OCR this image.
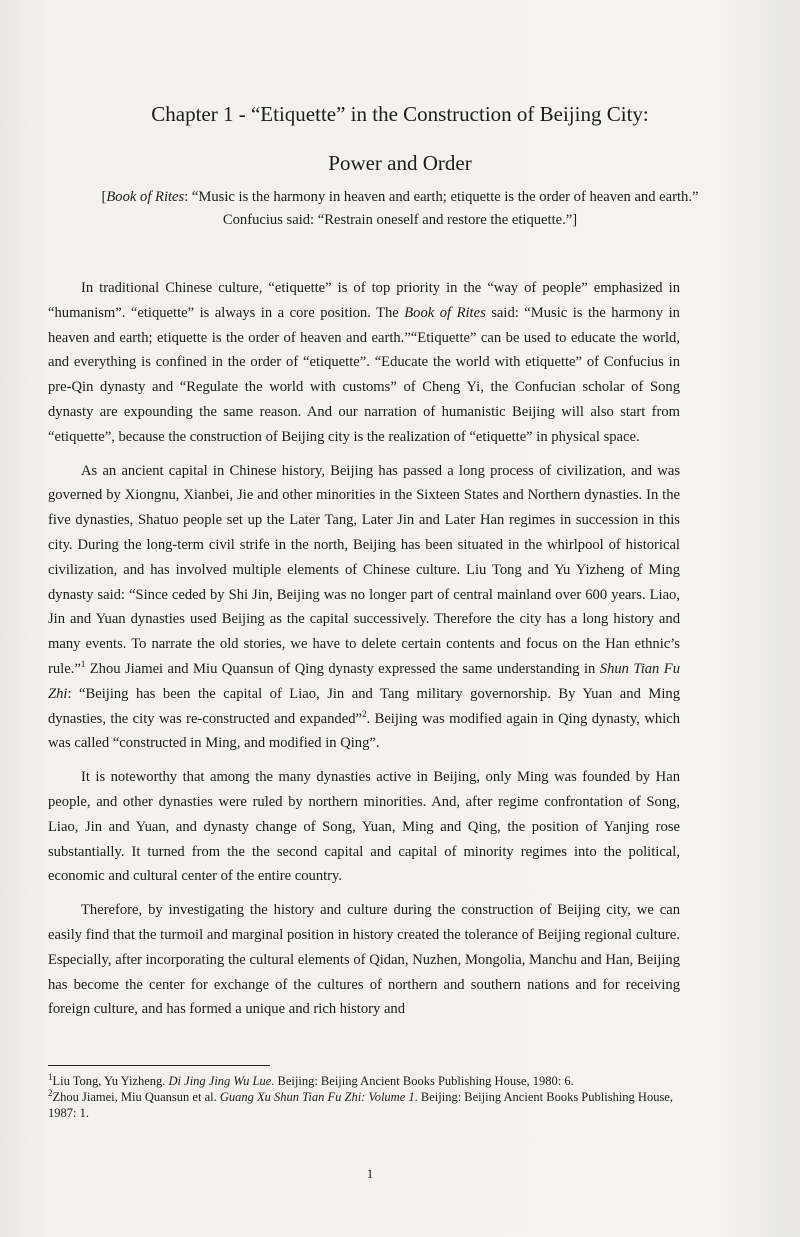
Chapter 1 - “Etiquette” in the Construction of Beijing City:
Power and Order
[Book of Rites: “Music is the harmony in heaven and earth; etiquette is the order of heaven and earth.” Confucius said: “Restrain oneself and restore the etiquette.”]

In traditional Chinese culture, “etiquette” is of top priority in the “way of people” emphasized in “humanism”. “etiquette” is always in a core position. The Book of Rites said: “Music is the harmony in heaven and earth; etiquette is the order of heaven and earth.”“Etiquette” can be used to educate the world, and everything is confined in the order of “etiquette”. “Educate the world with etiquette” of Confucius in pre-Qin dynasty and “Regulate the world with customs” of Cheng Yi, the Confucian scholar of Song dynasty are expounding the same reason. And our narration of humanistic Beijing will also start from “etiquette”, because the construction of Beijing city is the realization of “etiquette” in physical space.

As an ancient capital in Chinese history, Beijing has passed a long process of civilization, and was governed by Xiongnu, Xianbei, Jie and other minorities in the Sixteen States and Northern dynasties. In the five dynasties, Shatuo people set up the Later Tang, Later Jin and Later Han regimes in succession in this city. During the long-term civil strife in the north, Beijing has been situated in the whirlpool of historical civilization, and has involved multiple elements of Chinese culture. Liu Tong and Yu Yizheng of Ming dynasty said: “Since ceded by Shi Jin, Beijing was no longer part of central mainland over 600 years. Liao, Jin and Yuan dynasties used Beijing as the capital successively. Therefore the city has a long history and many events. To narrate the old stories, we have to delete certain contents and focus on the Han ethnic’s rule.”$^1$ Zhou Jiamei and Miu Quansun of Qing dynasty expressed the same understanding in Shun Tian Fu Zhi: “Beijing has been the capital of Liao, Jin and Tang military governorship. By Yuan and Ming dynasties, the city was re-constructed and expanded”$^2$. Beijing was modified again in Qing dynasty, which was called “constructed in Ming, and modified in Qing”.

It is noteworthy that among the many dynasties active in Beijing, only Ming was founded by Han people, and other dynasties were ruled by northern minorities. And, after regime confrontation of Song, Liao, Jin and Yuan, and dynasty change of Song, Yuan, Ming and Qing, the position of Yanjing rose substantially. It turned from the the second capital and capital of minority regimes into the political, economic and cultural center of the entire country.

Therefore, by investigating the history and culture during the construction of Beijing city, we can easily find that the turmoil and marginal position in history created the tolerance of Beijing regional culture. Especially, after incorporating the cultural elements of Qidan, Nuzhen, Mongolia, Manchu and Han, Beijing has become the center for exchange of the cultures of northern and southern nations and for receiving foreign culture, and has formed a unique and rich history and

$^1$Liu Tong, Yu Yizheng. Di Jing Jing Wu Lue. Beijing: Beijing Ancient Books Publishing House, 1980: 6.

$^2$Zhou Jiamei, Miu Quansun et al. Guang Xu Shun Tian Fu Zhi: Volume 1. Beijing: Beijing Ancient Books Publishing House, 1987: 1.

1
